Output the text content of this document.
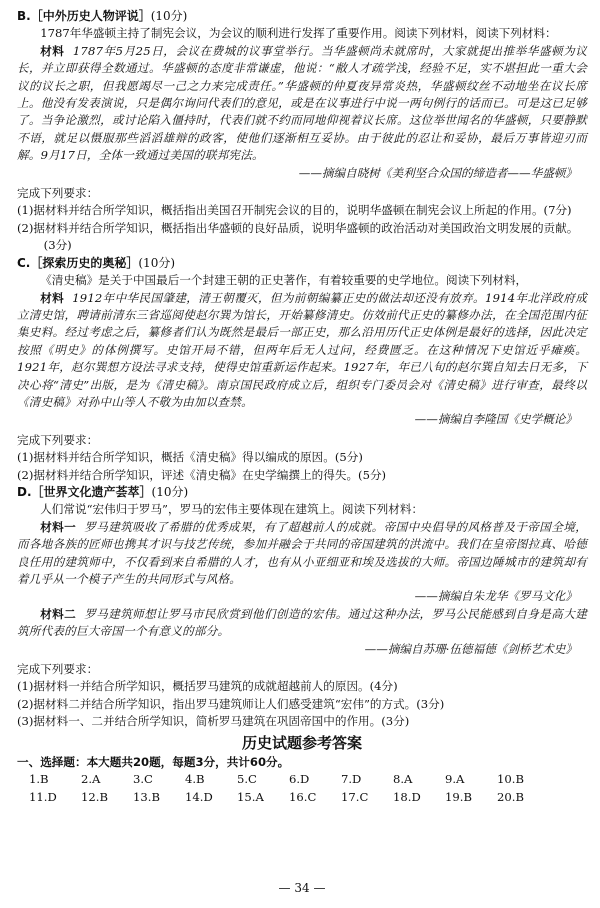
B.［中外历史人物评说］(10分)

1787年华盛顿主持了制宪会议，为会议的顺利进行发挥了重要作用。阅读下列材料，阅读下列材料：

材料 1787年5月25日，会议在费城的议事堂举行。当华盛顿尚未就席时，大家就提出推举华盛顿为议长，并立即获得全数通过。华盛顿的态度非常谦虚，他说：“敝人才疏学浅，经验不足，实不堪担此一重大会议的议长之职，但我愿竭尽一己之力来完成责任。”华盛顿的仲夏夜异常炎热，华盛顿纹丝不动地坐在议长席上。他没有发表演说，只是偶尔询问代表们的意见，或是在议事进行中说一两句例行的话而已。可是这已足够了。当争论激烈，或讨论陷入僵持时，代表们就不约而同地仰视着议长席。这位举世闻名的华盛顿，只要静默不语，就足以慑服那些滔滔雄辩的政客，使他们逐渐相互妥协。由于彼此的忍让和妥协，最后万事皆迎刃而解。9月17日，全体一致通过美国的联邦宪法。

——摘编自晓树《美利坚合众国的缔造者——华盛顿》

完成下列要求：

(1)据材料并结合所学知识，概括指出美国召开制宪会议的目的，说明华盛顿在制宪会议上所起的作用。(7分)

(2)据材料并结合所学知识，概括指出华盛顿的良好品质，说明华盛顿的政治活动对美国政治文明发展的贡献。(3分)

C.［探索历史的奥秘］(10分)

《清史稿》是关于中国最后一个封建王朝的正史著作，有着较重要的史学地位。阅读下列材料，

材料 1912年中华民国肇建，清王朝覆灭，但为前朝编纂正史的做法却还没有放弃。1914年北洋政府成立清史馆，聘请前清东三省巡阅使赵尔巽为馆长，开始纂修清史。仿效前代正史的纂修办法，在全国范围内征集史料。经过考虑之后，纂修者们认为既然是最后一部正史，那么沿用历代正史体例是最好的选择，因此决定按照《明史》的体例撰写。史馆开局不错，但两年后无人过问，经费匮乏。在这种情况下史馆近乎瘫痪。1921年，赵尔巽想方设法寻求支持，使得史馆重新运作起来。1927年，年已八旬的赵尔巽自知去日无多，下决心将“清史”出版，是为《清史稿》。南京国民政府成立后，组织专门委员会对《清史稿》进行审查，最终以《清史稿》对孙中山等人不敬为由加以查禁。

——摘编自李隆国《史学概论》

完成下列要求：

(1)据材料并结合所学知识，概括《清史稿》得以编成的原因。(5分)

(2)据材料并结合所学知识，评述《清史稿》在史学编撰上的得失。(5分)

D.［世界文化遗产荟萃］(10分)

人们常说“宏伟归于罗马”，罗马的宏伟主要体现在建筑上。阅读下列材料：

材料一 罗马建筑吸收了希腊的优秀成果，有了超越前人的成就。帝国中央倡导的风格普及于帝国全境，而各地各族的匠师也携其才识与技艺传统，参加并融会于共同的帝国建筑的洪流中。我们在皇帝图拉真、哈德良任用的建筑师中，不仅看到来自希腊的人才，也有从小亚细亚和埃及选拔的大师。帝国边陲城市的建筑却有着几乎从一个模子产生的共同形式与风格。

——摘编自朱龙华《罗马文化》

材料二 罗马建筑师想让罗马市民欣赏到他们创造的宏伟。通过这种办法，罗马公民能感到自身是高大建筑所代表的巨大帝国一个有意义的部分。

——摘编自苏珊·伍德福德《剑桥艺术史》

完成下列要求：

(1)据材料一并结合所学知识，概括罗马建筑的成就超越前人的原因。(4分)

(2)据材料二并结合所学知识，指出罗马建筑师让人们感受建筑“宏伟”的方式。(3分)

(3)据材料一、二并结合所学知识，简析罗马建筑在巩固帝国中的作用。(3分)

历史试题参考答案

一、选择题：本大题共20题，每题3分，共计60分。

1.B	2.A	3.C	4.B	5.C	6.D	7.D	8.A	9.A	10.B
11.D	12.B	13.B	14.D	15.A	16.C	17.C	18.D	19.B	20.B
— 34 —
